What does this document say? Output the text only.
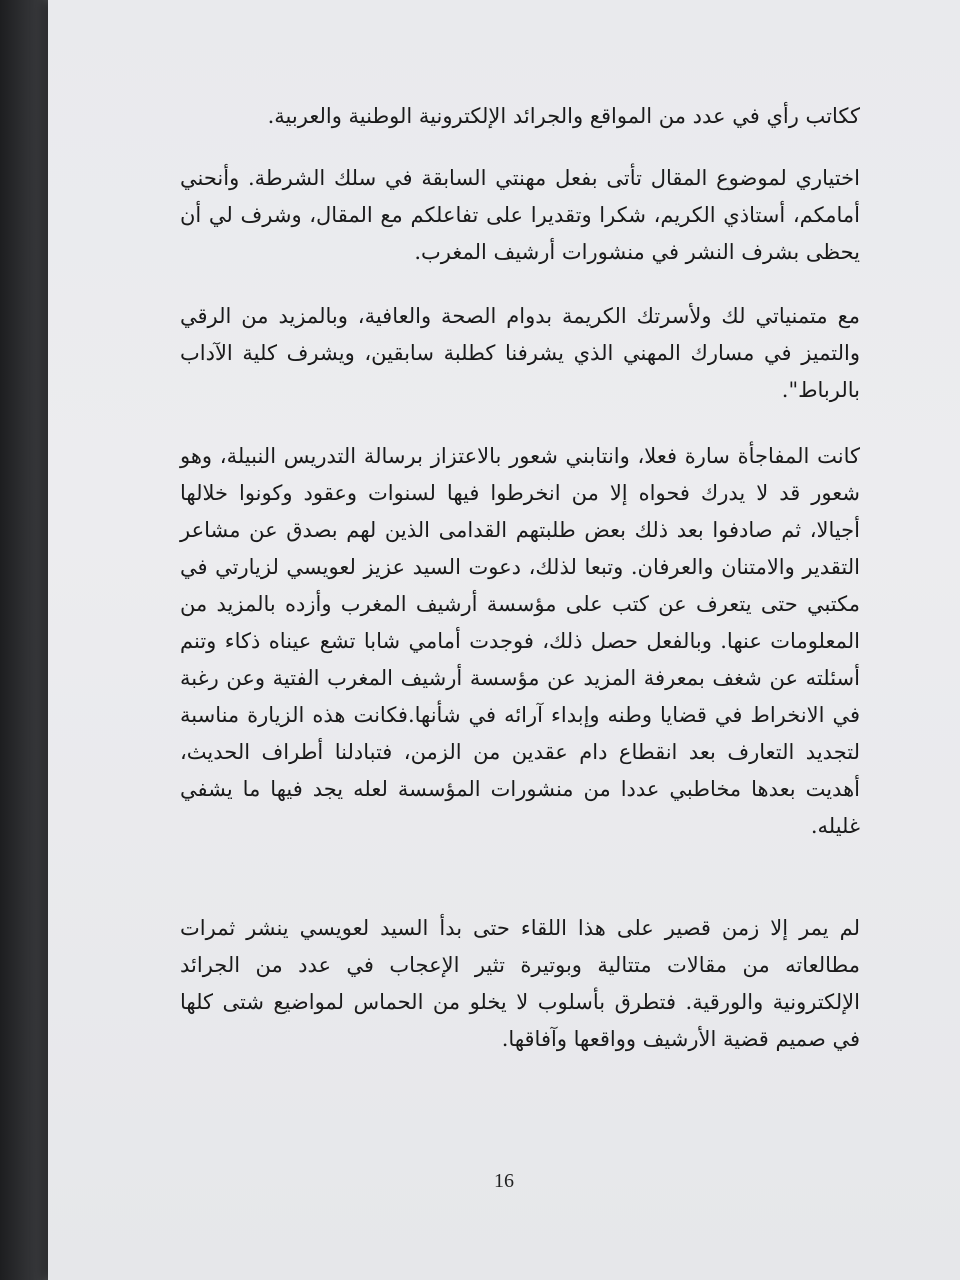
ككاتب رأي في عدد من المواقع والجرائد الإلكترونية الوطنية والعربية.

اختياري لموضوع المقال تأتى بفعل مهنتي السابقة في سلك الشرطة. وأنحني أمامكم، أستاذي الكريم، شكرا وتقديرا على تفاعلكم مع المقال، وشرف لي أن يحظى بشرف النشر في منشورات أرشيف المغرب.

مع متمنياتي لك ولأسرتك الكريمة بدوام الصحة والعافية، وبالمزيد من الرقي والتميز في مسارك المهني الذي يشرفنا كطلبة سابقين، ويشرف كلية الآداب بالرباط".

كانت المفاجأة سارة فعلا، وانتابني شعور بالاعتزاز برسالة التدريس النبيلة، وهو شعور قد لا يدرك فحواه إلا من انخرطوا فيها لسنوات وعقود وكونوا خلالها أجيالا، ثم صادفوا بعد ذلك بعض طلبتهم القدامى الذين لهم بصدق عن مشاعر التقدير والامتنان والعرفان. وتبعا لذلك، دعوت السيد عزيز لعويسي لزيارتي في مكتبي حتى يتعرف عن كتب على مؤسسة أرشيف المغرب وأزده بالمزيد من المعلومات عنها. وبالفعل حصل ذلك، فوجدت أمامي شابا تشع عيناه ذكاء وتنم أسئلته عن شغف بمعرفة المزيد عن مؤسسة أرشيف المغرب الفتية وعن رغبة في الانخراط في قضايا وطنه وإبداء آرائه في شأنها.فكانت هذه الزيارة مناسبة لتجديد التعارف بعد انقطاع دام عقدين من الزمن، فتبادلنا أطراف الحديث، أهديت بعدها مخاطبي عددا من منشورات المؤسسة لعله يجد فيها ما يشفي غليله.

لم يمر إلا زمن قصير على هذا اللقاء حتى بدأ السيد لعويسي ينشر ثمرات مطالعاته من مقالات متتالية وبوتيرة تثير الإعجاب في عدد من الجرائد الإلكترونية والورقية. فتطرق بأسلوب لا يخلو من الحماس لمواضيع شتى كلها في صميم قضية الأرشيف وواقعها وآفاقها.

16
